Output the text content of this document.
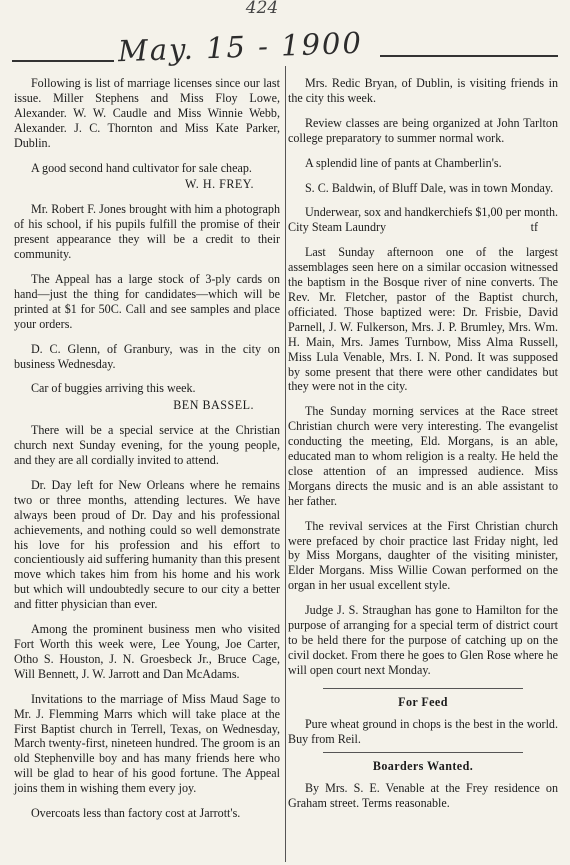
424
May. 15 - 1900

Following is list of marriage licenses since our last issue. Miller Stephens and Miss Floy Lowe, Alexander. W. W. Caudle and Miss Winnie Webb, Alexander. J. C. Thornton and Miss Kate Parker, Dublin.

A good second hand cultivator for sale cheap.

W. H. FREY.

Mr. Robert F. Jones brought with him a photograph of his school, if his pupils fulfill the promise of their present appearance they will be a credit to their community.

The Appeal has a large stock of 3-ply cards on hand—just the thing for candidates—which will be printed at $1 for 50C. Call and see samples and place your orders.

D. C. Glenn, of Granbury, was in the city on business Wednesday.

Car of buggies arriving this week.

BEN BASSEL.

There will be a special service at the Christian church next Sunday evening, for the young people, and they are all cordially invited to attend.

Dr. Day left for New Orleans where he remains two or three months, attending lectures. We have always been proud of Dr. Day and his professional achievements, and nothing could so well demonstrate his love for his profession and his effort to concientiously aid suffering humanity than this present move which takes him from his home and his work but which will undoubtedly secure to our city a better and fitter physician than ever.

Among the prominent business men who visited Fort Worth this week were, Lee Young, Joe Carter, Otho S. Houston, J. N. Groesbeck Jr., Bruce Cage, Will Bennett, J. W. Jarrott and Dan McAdams.

Invitations to the marriage of Miss Maud Sage to Mr. J. Flemming Marrs which will take place at the First Baptist church in Terrell, Texas, on Wednesday, March twenty-first, nineteen hundred. The groom is an old Stephenville boy and has many friends here who will be glad to hear of his good fortune. The Appeal joins them in wishing them every joy.

Overcoats less than factory cost at Jarrott's.

Mrs. Redic Bryan, of Dublin, is visiting friends in the city this week.

Review classes are being organized at John Tarlton college preparatory to summer normal work.

A splendid line of pants at Chamberlin's.

S. C. Baldwin, of Bluff Dale, was in town Monday.

Underwear, sox and handkerchiefs $1,00 per month. City Steam Laundry	tf

Last Sunday afternoon one of the largest assemblages seen here on a similar occasion witnessed the baptism in the Bosque river of nine converts. The Rev. Mr. Fletcher, pastor of the Baptist church, officiated. Those baptized were: Dr. Frisbie, David Parnell, J. W. Fulkerson, Mrs. J. P. Brumley, Mrs. Wm. H. Main, Mrs. James Turnbow, Miss Alma Russell, Miss Lula Venable, Mrs. I. N. Pond. It was supposed by some present that there were other candidates but they were not in the city.

The Sunday morning services at the Race street Christian church were very interesting. The evangelist conducting the meeting, Eld. Morgans, is an able, educated man to whom religion is a realty. He held the close attention of an impressed audience. Miss Morgans directs the music and is an able assistant to her father.

The revival services at the First Christian church were prefaced by choir practice last Friday night, led by Miss Morgans, daughter of the visiting minister, Elder Morgans. Miss Willie Cowan performed on the organ in her usual excellent style.

Judge J. S. Straughan has gone to Hamilton for the purpose of arranging for a special term of district court to be held there for the purpose of catching up on the civil docket. From there he goes to Glen Rose where he will open court next Monday.

For Feed

Pure wheat ground in chops is the best in the world. Buy from Reil.

Boarders Wanted.

By Mrs. S. E. Venable at the Frey residence on Graham street. Terms reasonable.
